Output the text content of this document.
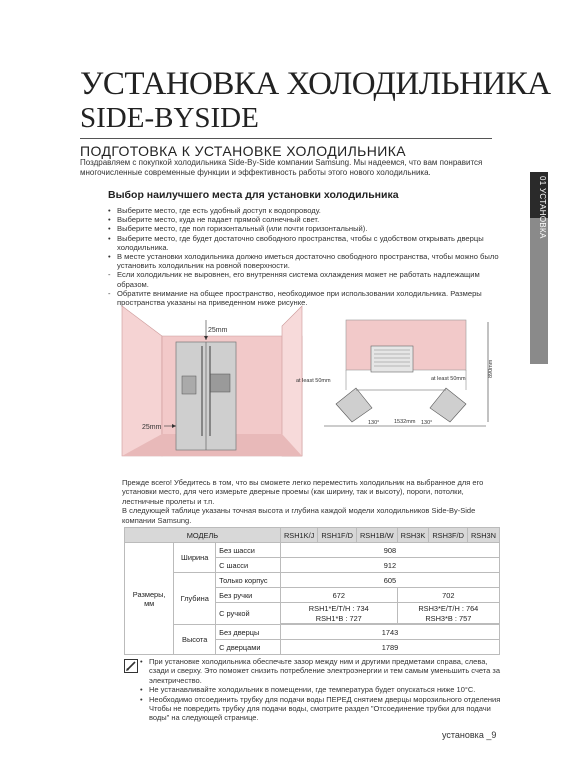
УСТАНОВКА ХОЛОДИЛЬНИКА
SIDE-BYSIDE
ПОДГОТОВКА К УСТАНОВКЕ ХОЛОДИЛЬНИКА
Поздравляем с покупкой холодильника Side-By-Side компании Samsung. Мы надеемся, что вам понравится многочисленные современные функции и эффективность работы этого нового холодильника.
01 УСТАНОВКА
Выбор наилучшего места для установки холодильника
• Выберите место, где есть удобный доступ к водопроводу.
• Выберите место, куда не падает прямой солнечный свет.
• Выберите место, где пол горизонтальный (или почти горизонтальный).
• Выберите место, где будет достаточно свободного пространства, чтобы с удобством открывать дверцы холодильника.
• В месте установки холодильника должно иметься достаточно свободного пространства, чтобы можно было установить холодильник на ровной поверхности.
- Если холодильник не выровнен, его внутренняя система охлаждения может не работать надлежащим образом.
- Обратите внимание на общее пространство, необходимое при использовании холодильника. Размеры пространства указаны на приведенном ниже рисунке.
25mm
25mm
at least 50mm	at least 50mm
130°	130°
1532mm
890mm
Прежде всего! Убедитесь в том, что вы сможете легко переместить холодильник на выбранное для его установки место, для чего измерьте дверные проемы (как ширину, так и высоту), пороги, потолки, лестничные пролеты и т.п.
В следующей таблице указаны точная высота и глубина каждой модели холодильников Side-By-Side компании Samsung.
МОДЕЛЬ			RSH1K/J	RSH1F/D	RSH1B/W	RSH3K	RSH3F/D	RSH3N
Размеры, мм	Ширина	Без шасси	908					
		С шасси	912					
	Глубина	Только корпус	605					
		Без ручки	672			702		
		С ручкой	RSH1*E/T/H : 734			RSH3*E/T/H : 764		
			RSH1*B : 727			RSH3*B : 757		

	Высота	Без дверцы	1743					
		С дверцами	1789					
• При установке холодильника обеспечьте зазор между ним и другими предметами справа, слева, сзади и сверху. Это поможет снизить потребление электроэнергии и тем самым уменьшить счета за электричество.
• Не устанавливайте холодильник в помещении, где температура будет опускаться ниже 10°C.
• Необходимо отсоединить трубку для подачи воды ПЕРЕД снятием дверцы морозильного отделения Чтобы не повредить трубку для подачи воды, смотрите раздел "Отсоединение трубки для подачи воды" на следующей странице.
установка _9
